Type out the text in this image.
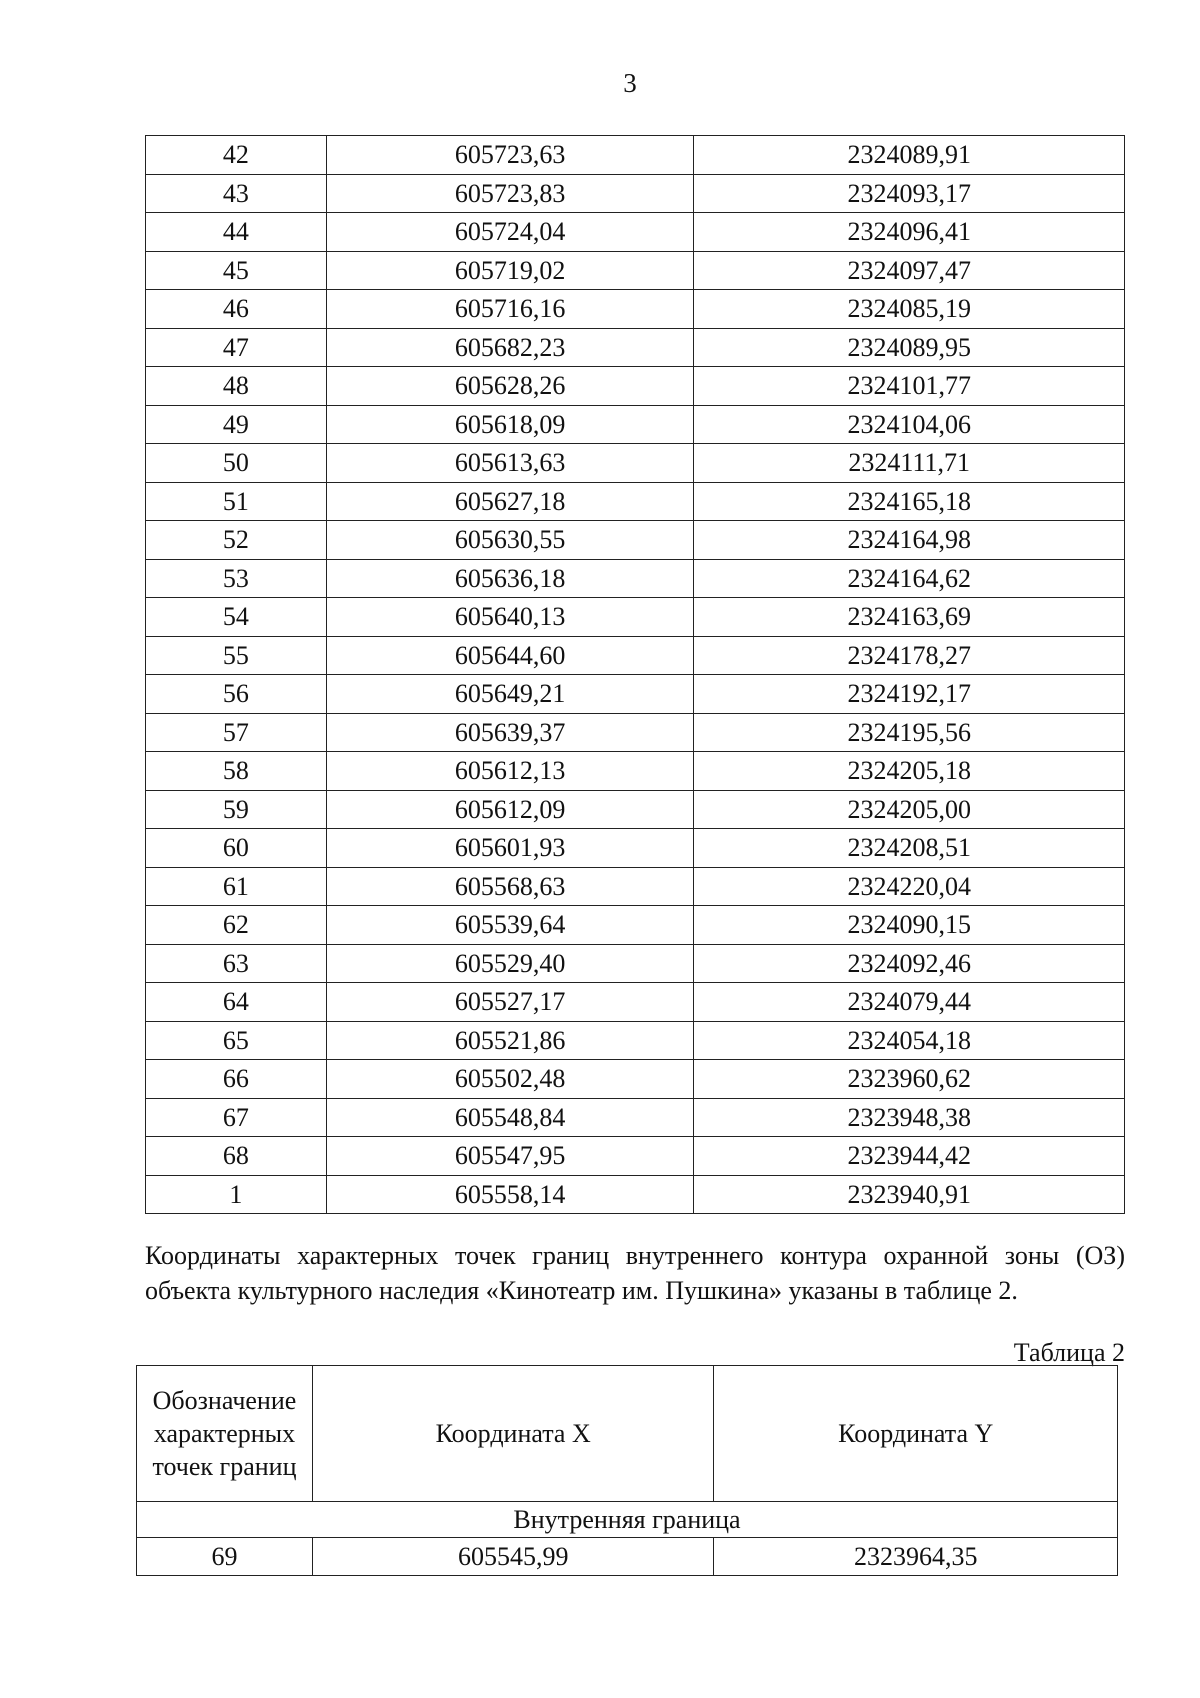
3
42	605723,63	2324089,91
43	605723,83	2324093,17
44	605724,04	2324096,41
45	605719,02	2324097,47
46	605716,16	2324085,19
47	605682,23	2324089,95
48	605628,26	2324101,77
49	605618,09	2324104,06
50	605613,63	2324111,71
51	605627,18	2324165,18
52	605630,55	2324164,98
53	605636,18	2324164,62
54	605640,13	2324163,69
55	605644,60	2324178,27
56	605649,21	2324192,17
57	605639,37	2324195,56
58	605612,13	2324205,18
59	605612,09	2324205,00
60	605601,93	2324208,51
61	605568,63	2324220,04
62	605539,64	2324090,15
63	605529,40	2324092,46
64	605527,17	2324079,44
65	605521,86	2324054,18
66	605502,48	2323960,62
67	605548,84	2323948,38
68	605547,95	2323944,42
1	605558,14	2323940,91

Координаты характерных точек границ внутреннего контура охранной зоны (ОЗ) объекта культурного наследия «Кинотеатр им. Пушкина» указаны в таблице 2.

Таблица 2
Обозначение характерных точек границ	Координата X	Координата Y
Внутренняя граница		
69	605545,99	2323964,35
